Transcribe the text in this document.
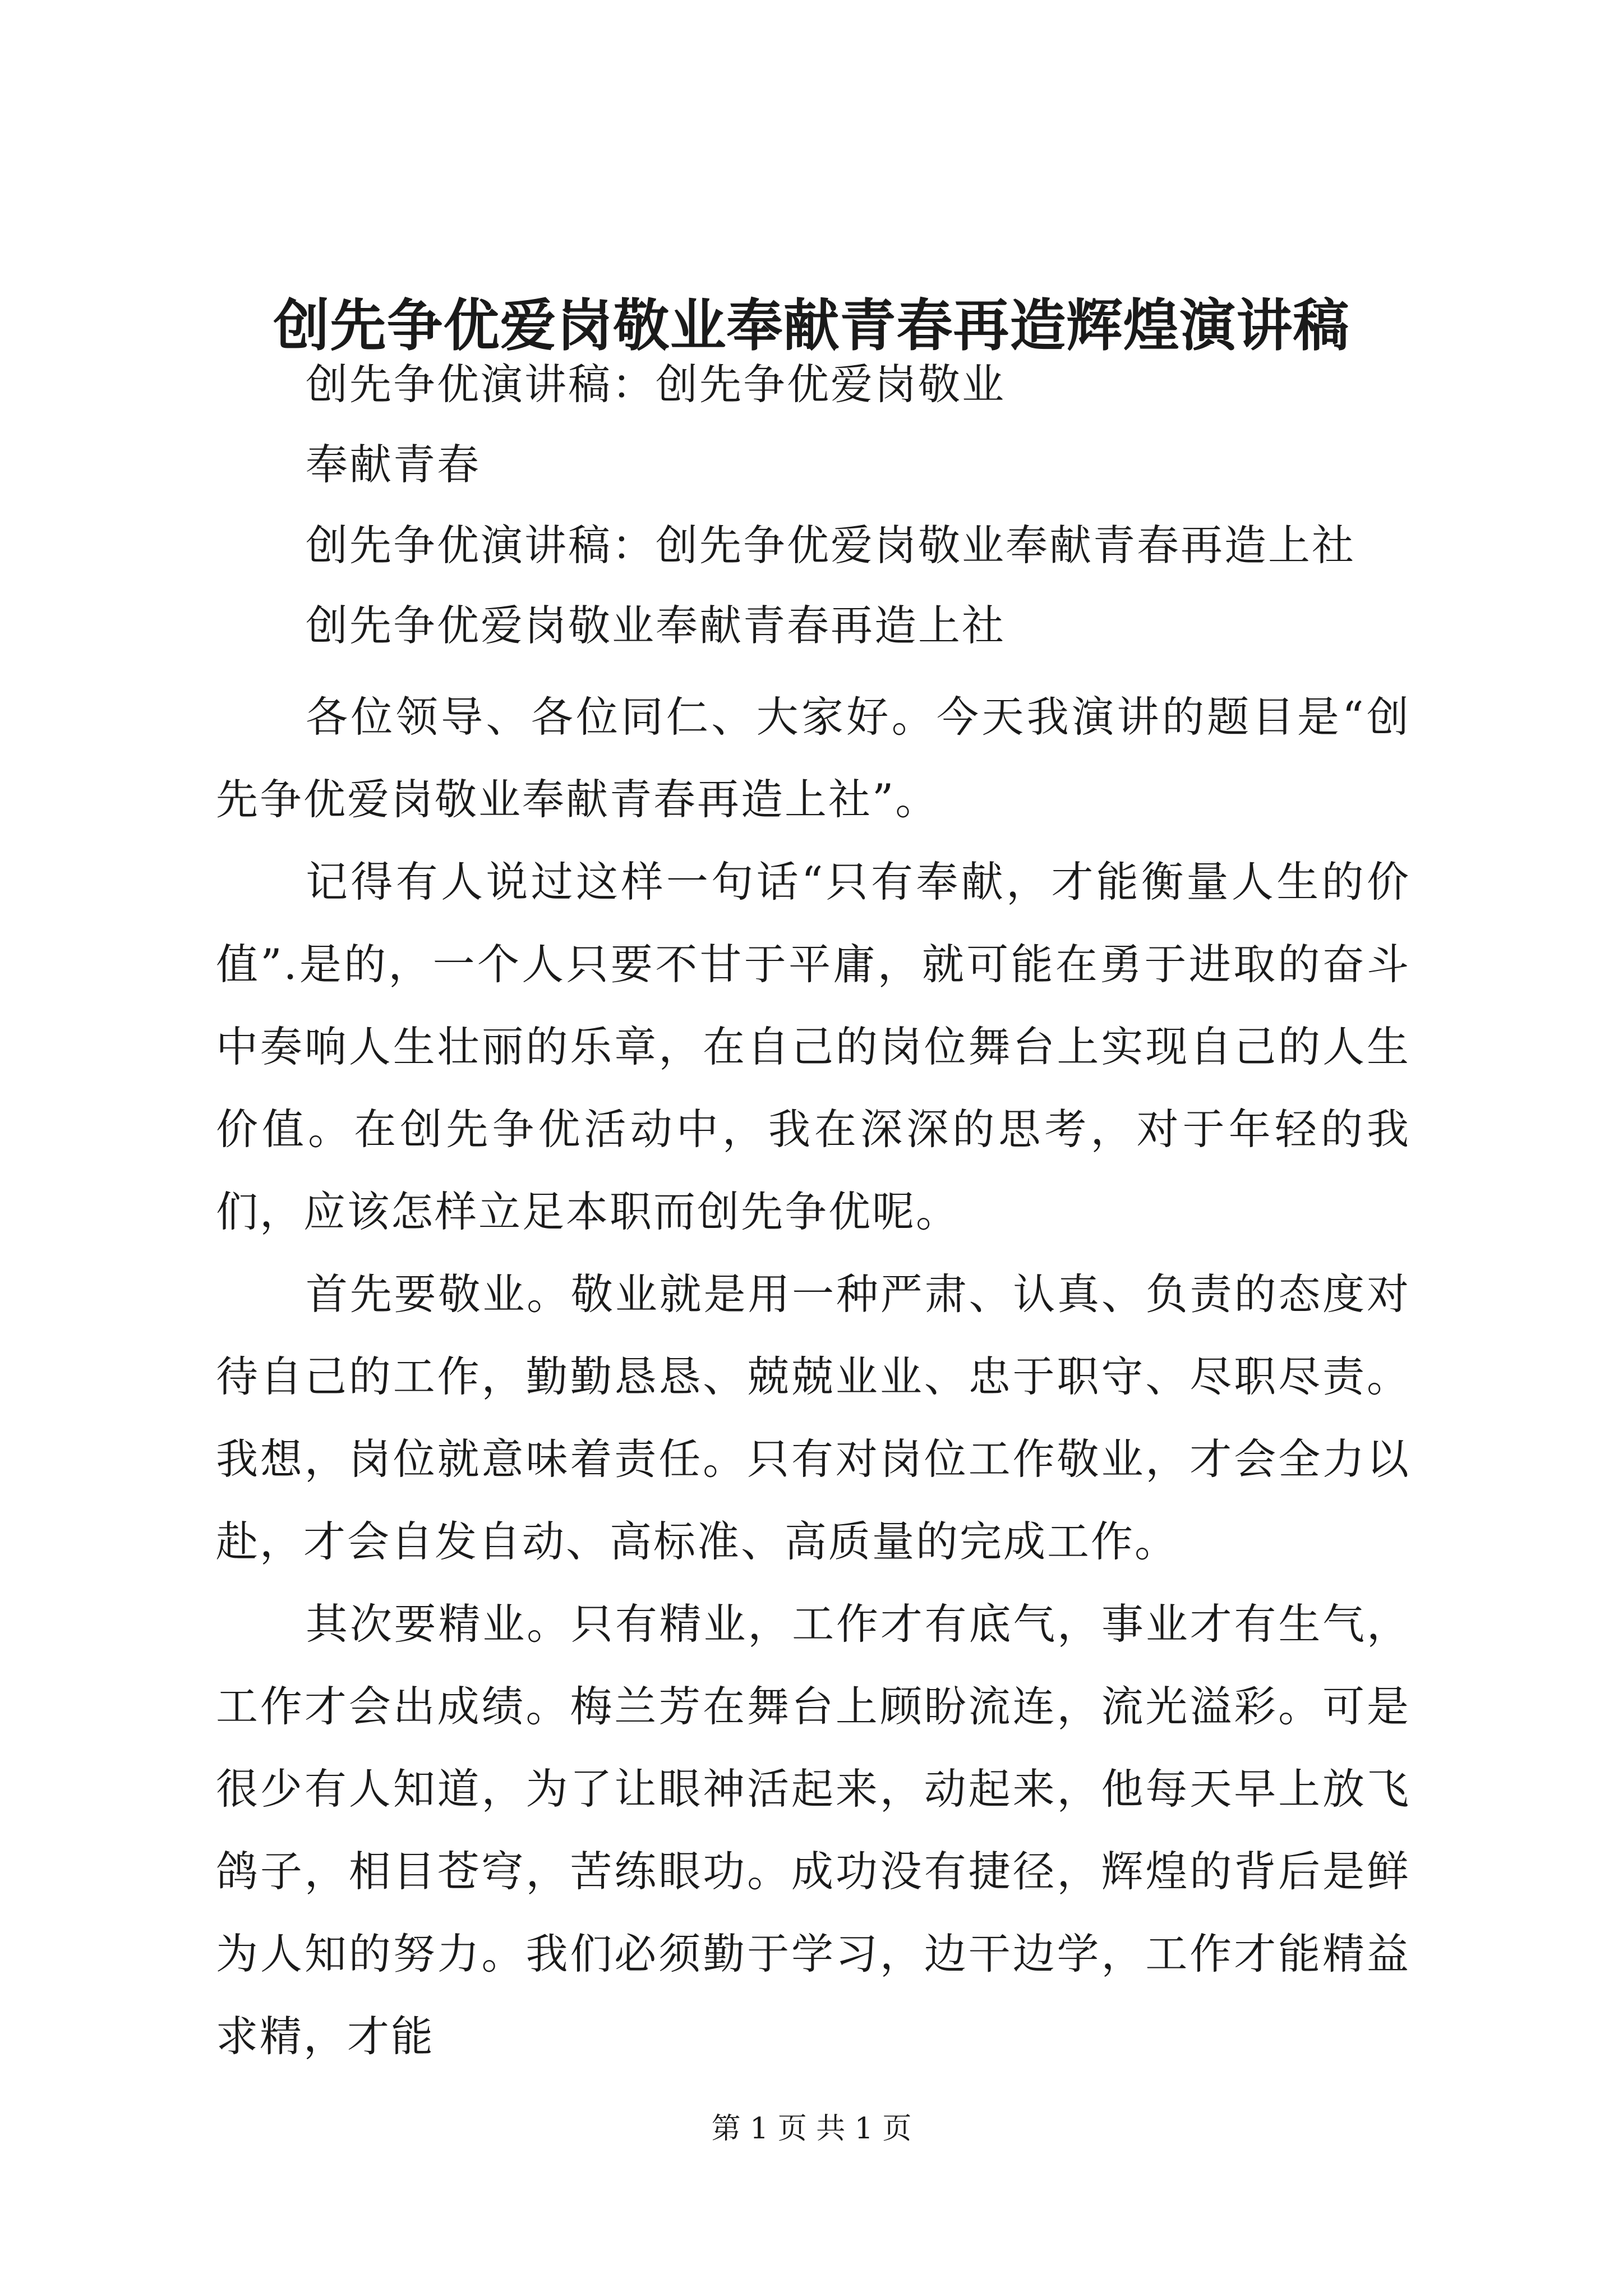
创先争优爱岗敬业奉献青春再造辉煌演讲稿
创先争优演讲稿：创先争优爱岗敬业
奉献青春
创先争优演讲稿：创先争优爱岗敬业奉献青春再造上社
创先争优爱岗敬业奉献青春再造上社

各位领导、各位同仁、大家好。今天我演讲的题目是“创先争优爱岗敬业奉献青春再造上社”。

记得有人说过这样一句话“只有奉献，才能衡量人生的价值”.是的，一个人只要不甘于平庸，就可能在勇于进取的奋斗中奏响人生壮丽的乐章，在自己的岗位舞台上实现自己的人生价值。在创先争优活动中，我在深深的思考，对于年轻的我们，应该怎样立足本职而创先争优呢。

首先要敬业。敬业就是用一种严肃、认真、负责的态度对待自己的工作，勤勤恳恳、兢兢业业、忠于职守、尽职尽责。我想，岗位就意味着责任。只有对岗位工作敬业，才会全力以赴，才会自发自动、高标准、高质量的完成工作。

其次要精业。只有精业，工作才有底气，事业才有生气，工作才会出成绩。梅兰芳在舞台上顾盼流连，流光溢彩。可是很少有人知道，为了让眼神活起来，动起来，他每天早上放飞鸽子，相目苍穹，苦练眼功。成功没有捷径，辉煌的背后是鲜为人知的努力。我们必须勤于学习，边干边学，工作才能精益求精，才能

第 1 页 共 1 页
